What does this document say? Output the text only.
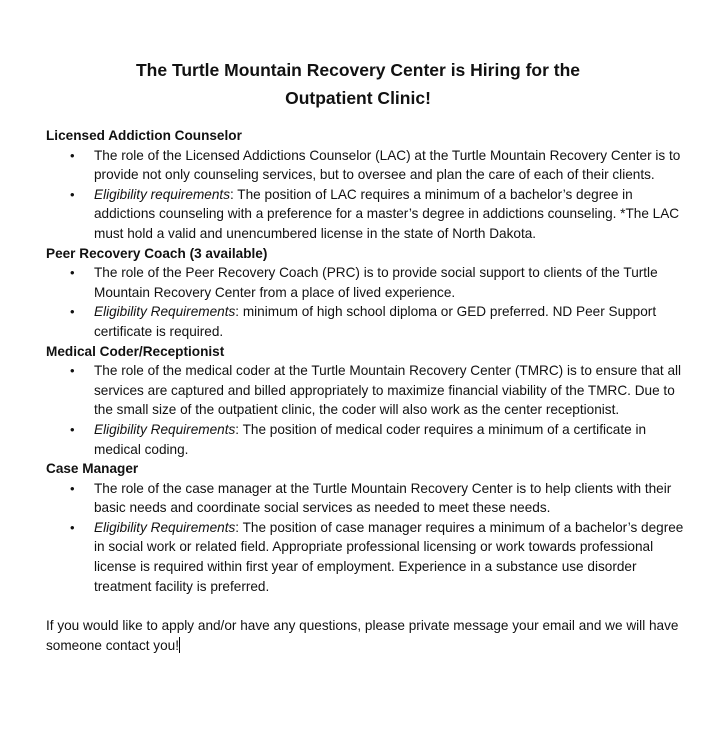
The Turtle Mountain Recovery Center is Hiring for the
Outpatient Clinic!
Licensed Addiction Counselor
• The role of the Licensed Addictions Counselor (LAC) at the Turtle Mountain Recovery Center is to provide not only counseling services, but to oversee and plan the care of each of their clients.
• Eligibility requirements: The position of LAC requires a minimum of a bachelor’s degree in addictions counseling with a preference for a master’s degree in addictions counseling. *The LAC must hold a valid and unencumbered license in the state of North Dakota.
Peer Recovery Coach (3 available)
• The role of the Peer Recovery Coach (PRC) is to provide social support to clients of the Turtle Mountain Recovery Center from a place of lived experience.
• Eligibility Requirements: minimum of high school diploma or GED preferred. ND Peer Support certificate is required.
Medical Coder/Receptionist
• The role of the medical coder at the Turtle Mountain Recovery Center (TMRC) is to ensure that all services are captured and billed appropriately to maximize financial viability of the TMRC. Due to the small size of the outpatient clinic, the coder will also work as the center receptionist.
• Eligibility Requirements: The position of medical coder requires a minimum of a certificate in medical coding.
Case Manager
• The role of the case manager at the Turtle Mountain Recovery Center is to help clients with their basic needs and coordinate social services as needed to meet these needs.
• Eligibility Requirements: The position of case manager requires a minimum of a bachelor’s degree in social work or related field. Appropriate professional licensing or work towards professional license is required within first year of employment. Experience in a substance use disorder treatment facility is preferred.
If you would like to apply and/or have any questions, please private message your email and we will have someone contact you!
